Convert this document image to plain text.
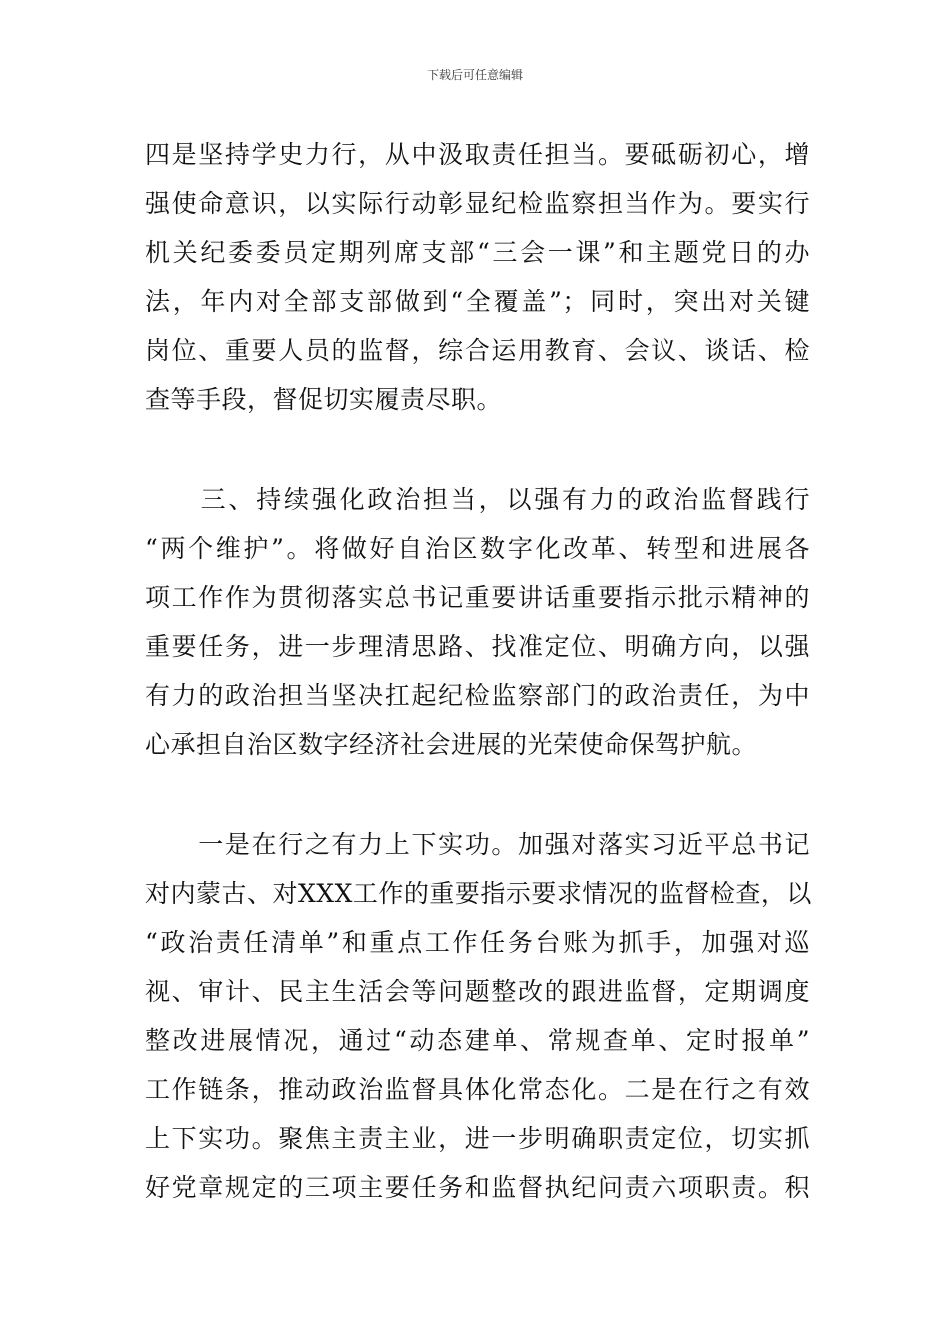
下载后可任意编辑
四是坚持学史力行，从中汲取责任担当。要砥砺初心，增
强使命意识，以实际行动彰显纪检监察担当作为。要实行
机关纪委委员定期列席支部“三会一课”和主题党日的办
法，年内对全部支部做到“全覆盖”；同时，突出对关键
岗位、重要人员的监督，综合运用教育、会议、谈话、检
查等手段，督促切实履责尽职。
　　三、持续强化政治担当，以强有力的政治监督践行
“两个维护”。将做好自治区数字化改革、转型和进展各
项工作作为贯彻落实总书记重要讲话重要指示批示精神的
重要任务，进一步理清思路、找准定位、明确方向，以强
有力的政治担当坚决扛起纪检监察部门的政治责任，为中
心承担自治区数字经济社会进展的光荣使命保驾护航。
　　一是在行之有力上下实功。加强对落实习近平总书记
对内蒙古、对XXX工作的重要指示要求情况的监督检查，以
“政治责任清单”和重点工作任务台账为抓手，加强对巡
视、审计、民主生活会等问题整改的跟进监督，定期调度
整改进展情况，通过“动态建单、常规查单、定时报单”
工作链条，推动政治监督具体化常态化。二是在行之有效
上下实功。聚焦主责主业，进一步明确职责定位，切实抓
好党章规定的三项主要任务和监督执纪问责六项职责。积
